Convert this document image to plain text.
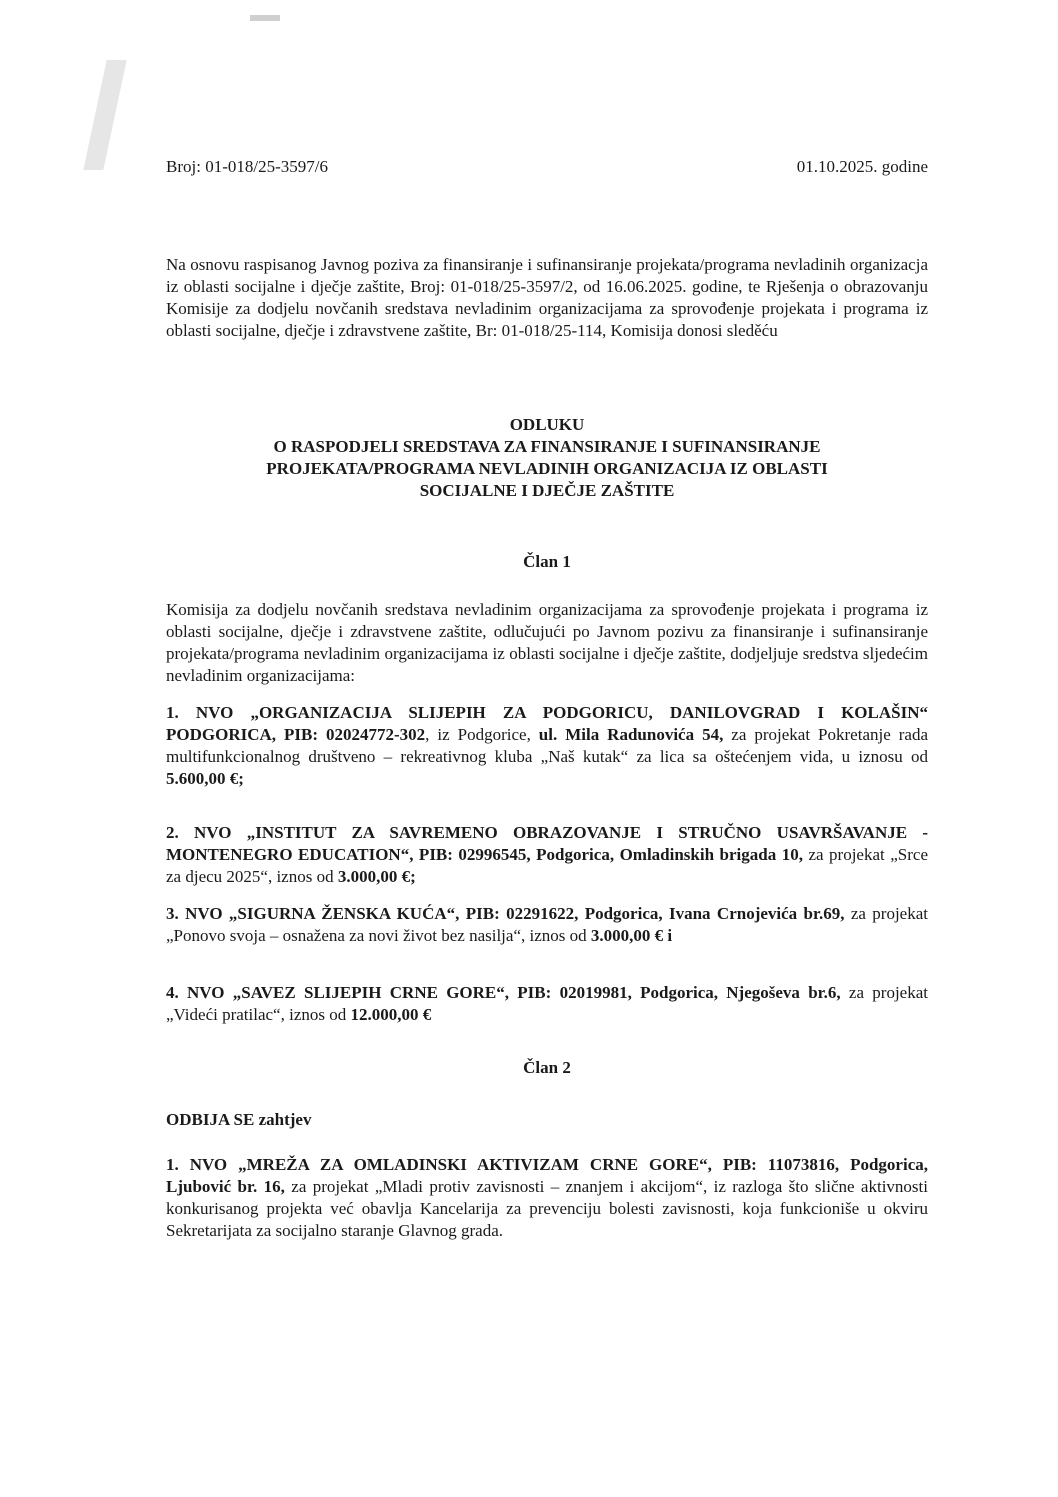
Broj: 01-018/25-3597/6	01.10.2025. godine
Na osnovu raspisanog Javnog poziva za finansiranje i sufinansiranje projekata/programa nevladinih organizacja iz oblasti socijalne i dječje zaštite, Broj: 01-018/25-3597/2, od 16.06.2025. godine, te Rješenja o obrazovanju Komisije za dodjelu novčanih sredstava nevladinim organizacijama za sprovođenje projekata i programa iz oblasti socijalne, dječje i zdravstvene zaštite, Br: 01-018/25-114, Komisija donosi sleděću
ODLUKU
O RASPODJELI SREDSTAVA ZA FINANSIRANJE I SUFINANSIRANJE
PROJEKATA/PROGRAMA NEVLADINIH ORGANIZACIJA IZ OBLASTI
SOCIJALNE I DJEČJE ZAŠTITE
Član 1
Komisija za dodjelu novčanih sredstava nevladinim organizacijama za sprovođenje projekata i programa iz oblasti socijalne, dječje i zdravstvene zaštite, odlučujući po Javnom pozivu za finansiranje i sufinansiranje projekata/programa nevladinim organizacijama iz oblasti socijalne i dječje zaštite, dodjeljuje sredstva sljedećim nevladinim organizacijama:
1. NVO „ORGANIZACIJA SLIJEPIH ZA PODGORICU, DANILOVGRAD I KOLAŠIN“ PODGORICA, PIB: 02024772-302, iz Podgorice, ul. Mila Radunovića 54, za projekat Pokretanje rada multifunkcionalnog društveno – rekreativnog kluba „Naš kutak“ za lica sa oštećenjem vida, u iznosu od 5.600,00 €;
2. NVO „INSTITUT ZA SAVREMENO OBRAZOVANJE I STRUČNO USAVRŠAVANJE - MONTENEGRO EDUCATION“, PIB: 02996545, Podgorica, Omladinskih brigada 10, za projekat „Srce za djecu 2025“, iznos od 3.000,00 €;
3. NVO „SIGURNA ŽENSKA KUĆA“, PIB: 02291622, Podgorica, Ivana Crnojevića br.69, za projekat „Ponovo svoja – osnažena za novi život bez nasilja“, iznos od 3.000,00 € i
4. NVO „SAVEZ SLIJEPIH CRNE GORE“, PIB: 02019981, Podgorica, Njegoševa br.6, za projekat „Videći pratilac“, iznos od 12.000,00 €
Član 2
ODBIJA SE zahtjev
1. NVO „MREŽA ZA OMLADINSKI AKTIVIZAM CRNE GORE“, PIB: 11073816, Podgorica, Ljubović br. 16, za projekat „Mladi protiv zavisnosti – znanjem i akcijom“, iz razloga što slične aktivnosti konkurisanog projekta već obavlja Kancelarija za prevenciju bolesti zavisnosti, koja funkcioniše u okviru Sekretarijata za socijalno staranje Glavnog grada.
